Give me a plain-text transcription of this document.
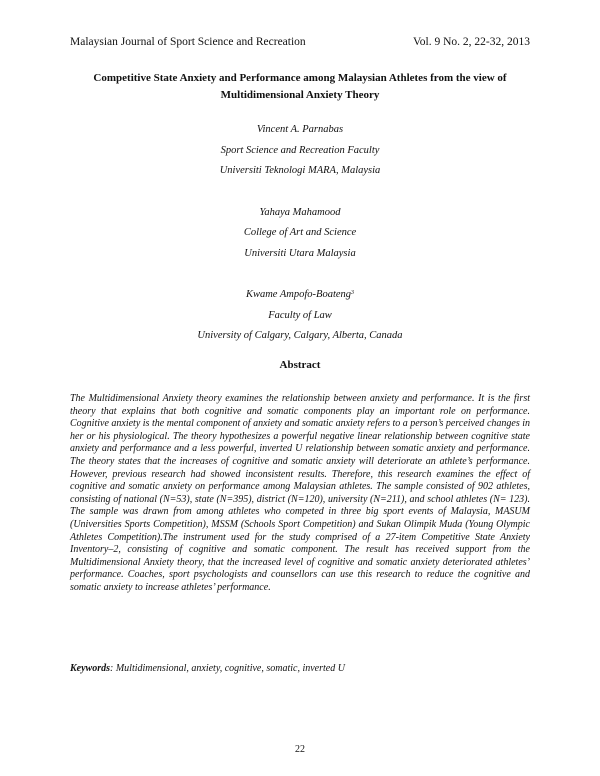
Malaysian Journal of Sport Science and Recreation	Vol. 9 No. 2, 22-32, 2013
Competitive State Anxiety and Performance among Malaysian Athletes from the view of
Multidimensional Anxiety Theory
Vincent A. Parnabas
Sport Science and Recreation Faculty
Universiti Teknologi MARA, Malaysia
Yahaya Mahamood
College of Art and Science
Universiti Utara Malaysia
Kwame Ampofo-Boateng$^3$
Faculty of Law
University of Calgary, Calgary, Alberta, Canada
Abstract
The Multidimensional Anxiety theory examines the relationship between anxiety and performance. It is the first theory that explains that both cognitive and somatic components play an important role on performance. Cognitive anxiety is the mental component of anxiety and somatic anxiety refers to a person’s perceived changes in her or his physiological. The theory hypothesizes a powerful negative linear relationship between cognitive state anxiety and performance and a less powerful, inverted U relationship between somatic anxiety and performance. The theory states that the increases of cognitive and somatic anxiety will deteriorate an athlete’s performance. However, previous research had showed inconsistent results. Therefore, this research examines the effect of cognitive and somatic anxiety on performance among Malaysian athletes. The sample consisted of 902 athletes, consisting of national (N=53), state (N=395), district (N=120), university (N=211), and school athletes (N= 123). The sample was drawn from among athletes who competed in three big sport events of Malaysia, MASUM (Universities Sports Competition), MSSM (Schools Sport Competition) and Sukan Olimpik Muda (Young Olympic Athletes Competition).The instrument used for the study comprised of a 27-item Competitive State Anxiety Inventory–2, consisting of cognitive and somatic component. The result has received support from the Multidimensional Anxiety theory, that the increased level of cognitive and somatic anxiety deteriorated athletes’ performance. Coaches, sport psychologists and counsellors can use this research to reduce the cognitive and somatic anxiety to increase athletes’ performance.
Keywords: Multidimensional, anxiety, cognitive, somatic, inverted U
22
